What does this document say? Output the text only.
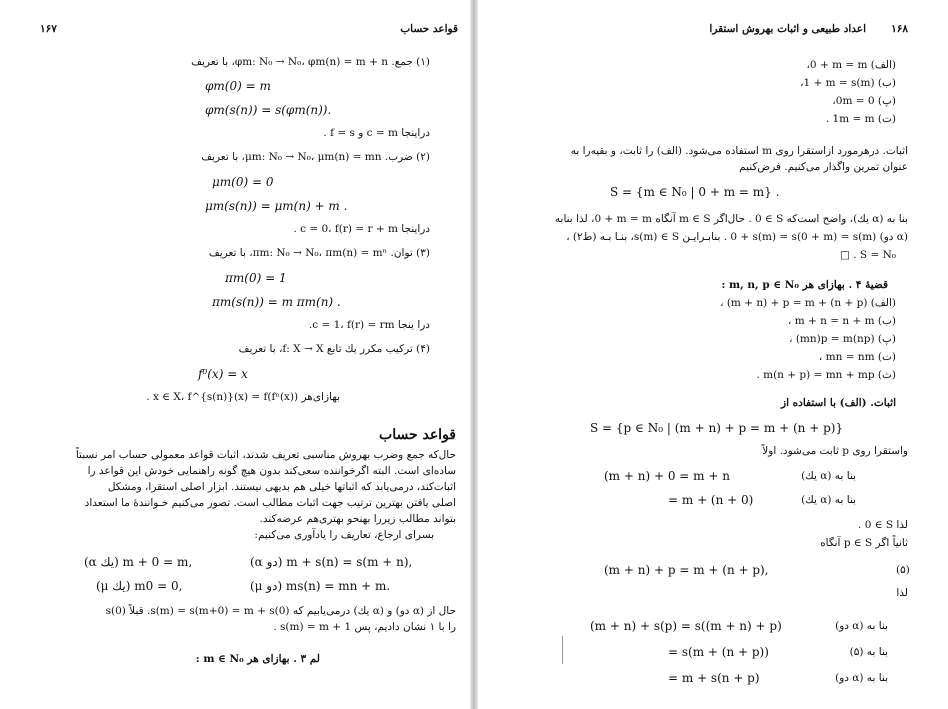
قواعد حساب
۱۶۷
(۱) جمع. ‎φm: N₀ → N₀‎، ‎φm(n) = m + n‎، با تعریف
φm(0) = m
φm(s(n)) = s(φm(n)).
دراینجا ‎c = m‎ و ‎f = s‎ .
(۲) ضرب. ‎μm: N₀ → N₀‎، ‎μm(n) = mn‎، با تعریف
μm(0) = 0
μm(s(n)) = μm(n) + m .
دراینجا ‎c = 0‎، ‎f(r) = r + m‎ .
(۳) توان. ‎πm: N₀ → N₀‎، ‎πm(n) = mⁿ‎، با تعریف
πm(0) = 1
πm(s(n)) = m πm(n) .
درا ینجا ‎c = 1‎، ‎f(r) = rm‎.
(۴) ترکیب مکرر یك تابع ‎f: X → X‎، با تعریف
f⁰(x) = x
بهازای‌هر ‎x ∈ X‎، ‎f^{s(n)}(x) = f(fⁿ(x))‎ .
قواعد حساب
حال‌که جمع وضرب بهروش مناسبی تعریف شدند، اثبات قواعد معمولی حساب امر نسبتاً
ساده‌ای است. البته اگرخواننده سعی‌کند بدون هیچ گونه راهنمایی خودش این قواعد را
اثبات‌کند، درمی‌یابد که اثباتها خیلی هم بدیهی نیستند. ابزار اصلی استقرا، ومشکل
اصلی یافتن بهترین ترتیب جهت اثبات مطالب است. تصور می‌کنیم خـوانندهٔ ما استعداد
بتواند مطالب زیررا بهنحو بهتری‌هم عرضه‌کند.
بسرای ارجاع، تعاریف را یادآوری می‌کنیم:
(α یك) m + 0 = m,	(α دو) m + s(n) = s(m + n),
(μ یك) m0 = 0,	(μ دو) ms(n) = mn + m.
حال از (α دو) و (α یك) درمی‌یابیم که ‎s(m) = s(m+0) = m + s(0)‎. قبلاً ‎s(0)‎
را با ۱ نشان دادیم، پس ‎s(m) = m + 1‎ .
لم ۳ . بهازای هر ‎m ∈ N₀‎ :
۱۶۸
اعداد طبیعی و اثبات بهروش استقرا
(الف) ‎0 + m = m‎،
(ب) ‎1 + m = s(m)‎،
(پ) ‎0m = 0‎،
(ت) ‎1m = m‎ .
اثبات. درهرمورد ازاستقرا روی ‎m‎ استفاده می‌شود. (الف) را ثابت، و بقیه‌را به
عنوان تمرین واگذار می‌کنیم. فرض‌کنیم
S = {m ∈ N₀ | 0 + m = m} .
بنا به (α یك)، واضح است‌که ‎0 ∈ S‎ . حال‌اگر ‎m ∈ S‎ آنگاه ‎0 + m = m‎، لذا بنابه
(α دو) ‎0 + s(m) = s(0 + m) = s(m)‎ . بنابـرایـن ‎s(m) ∈ S‎، بنـا بـه (ط۲) ،
‎S = N₀‎ . □
قضیهٔ ۴ . بهازای هر ‎m, n, p ∈ N₀‎ :
(الف) ‎(m + n) + p = m + (n + p)‎ ،
(ب) ‎m + n = n + m‎ ،
(پ) ‎(mn)p = m(np)‎ ،
(ت) ‎mn = nm‎ ،
(ث) ‎m(n + p) = mn + mp‎ .
اثبات. (الف) با استفاده از
S = {p ∈ N₀ | (m + n) + p = m + (n + p)}
واستقرا روی ‎p‎ ثابت می‌شود. اولاً
(m + n) + 0 = m + n	بنا به (α یك)
= m + (n + 0)	بنا به (α یك)
لذا ‎0 ∈ S‎ .
ثانیاً اگر ‎p ∈ S‎ آنگاه
(m + n) + p = m + (n + p),	(۵)
لذا
(m + n) + s(p) = s((m + n) + p)	بنا به (α دو)
= s(m + (n + p))	بنا به (۵)
= m + s(n + p)	بنا به (α دو)
